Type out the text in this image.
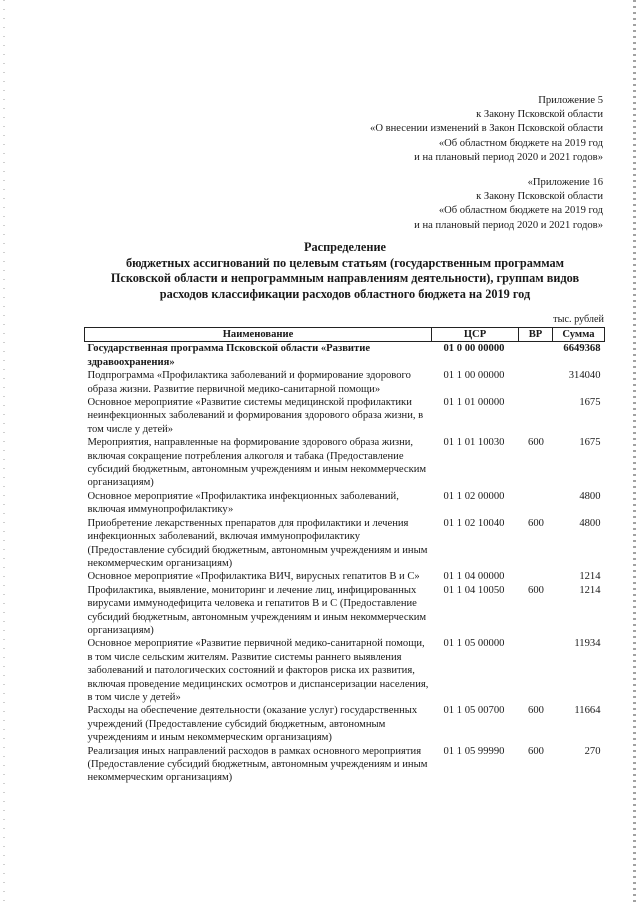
Приложение 5
к Закону Псковской области
«О внесении изменений в Закон Псковской области
«Об областном бюджете на 2019 год
и на плановый период 2020 и 2021 годов»
«Приложение 16
к Закону Псковской области
«Об областном бюджете на 2019 год
и на плановый период 2020 и 2021 годов»
Распределение
бюджетных ассигнований по целевым статьям (государственным программам
Псковской области и непрограммным направлениям деятельности), группам видов
расходов классификации расходов областного бюджета на 2019 год
тыс. рублей
Наименование	ЦСР	ВР	Сумма
Государственная программа Псковской области «Развитие здравоохранения»	01 0 00 00000		6649368
Подпрограмма «Профилактика заболеваний и формирование здорового образа жизни. Развитие первичной медико-санитарной помощи»	01 1 00 00000		314040
Основное мероприятие «Развитие системы медицинской профилактики неинфекционных заболеваний и формирования здорового образа жизни, в том числе у детей»	01 1 01 00000		1675
Мероприятия, направленные на формирование здорового образа жизни, включая сокращение потребления алкоголя и табака (Предоставление субсидий бюджетным, автономным учреждениям и иным некоммерческим организациям)	01 1 01 10030	600	1675
Основное мероприятие «Профилактика инфекционных заболеваний, включая иммунопрофилактику»	01 1 02 00000		4800
Приобретение лекарственных препаратов для профилактики и лечения инфекционных заболеваний, включая иммунопрофилактику (Предоставление субсидий бюджетным, автономным учреждениям и иным некоммерческим организациям)	01 1 02 10040	600	4800
Основное мероприятие «Профилактика ВИЧ, вирусных гепатитов В и С»	01 1 04 00000		1214
Профилактика, выявление, мониторинг и лечение лиц, инфицированных вирусами иммунодефицита человека и гепатитов В и С (Предоставление субсидий бюджетным, автономным учреждениям и иным некоммерческим организациям)	01 1 04 10050	600	1214
Основное мероприятие «Развитие первичной медико-санитарной помощи, в том числе сельским жителям. Развитие системы раннего выявления заболеваний и патологических состояний и факторов риска их развития, включая проведение медицинских осмотров и диспансеризации населения, в том числе у детей»	01 1 05 00000		11934
Расходы на обеспечение деятельности (оказание услуг) государственных учреждений (Предоставление субсидий бюджетным, автономным учреждениям и иным некоммерческим организациям)	01 1 05 00700	600	11664
Реализация иных направлений расходов в рамках основного мероприятия (Предоставление субсидий бюджетным, автономным учреждениям и иным некоммерческим организациям)	01 1 05 99990	600	270
